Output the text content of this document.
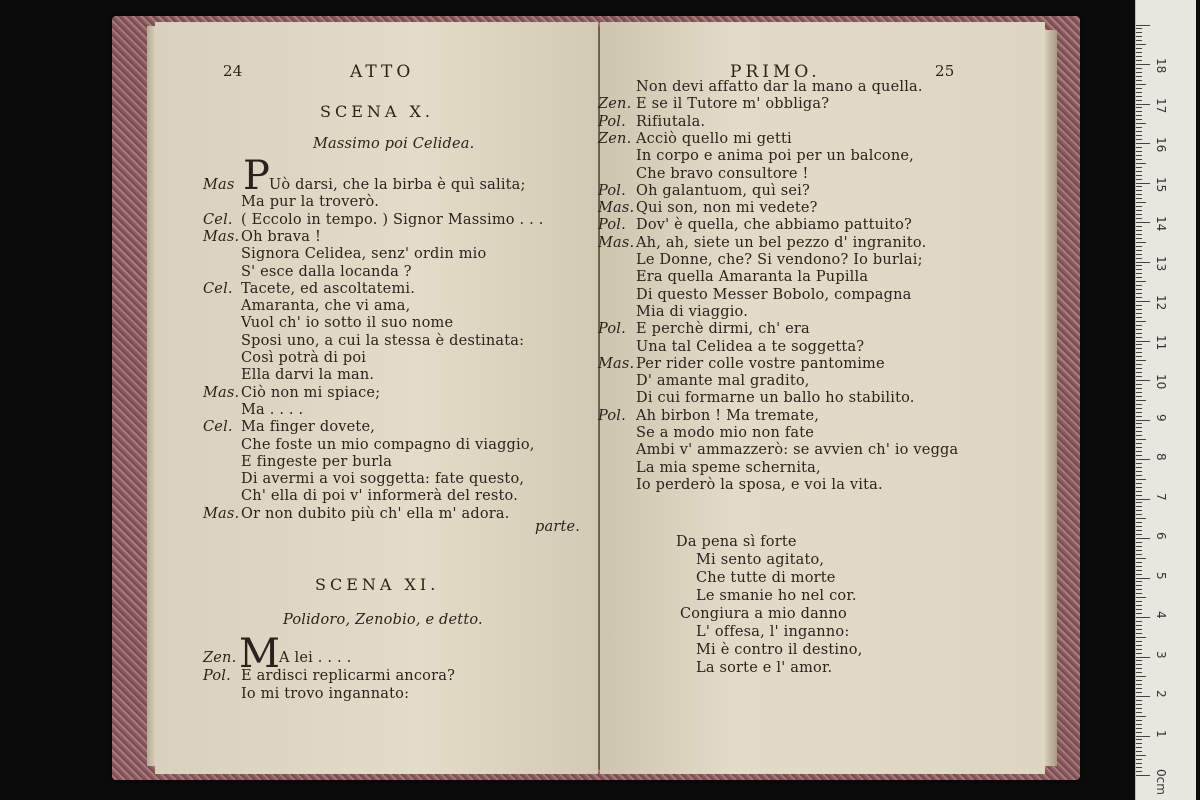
24	ATTO
SCENA X.
Massimo poi Celidea.
P
Mas Uò darsi, che la birba è quì salita;
Ma pur la troverò.
Cel. ( Eccolo in tempo. ) Signor Massimo . . .
Mas. Oh brava !
Signora Celidea, senz' ordin mio
S' esce dalla locanda ?
Cel. Tacete, ed ascoltatemi.
Amaranta, che vi ama,
Vuol ch' io sotto il suo nome
Sposi uno, a cui la stessa è destinata:
Così potrà di poi
Ella darvi la man.
Mas. Ciò non mi spiace;
Ma . . . .
Cel. Ma finger dovete,
Che foste un mio compagno di viaggio,
E fingeste per burla
Di avermi a voi soggetta: fate questo,
Ch' ella di poi v' informerà del resto.
Mas. Or non dubito più ch' ella m' adora.
parte.
SCENA XI.
Polidoro, Zenobio, e detto.
M
Zen.	A lei . . . .
Pol. E ardisci replicarmi ancora?
Io mi trovo ingannato:
PRIMO.	25
Non devi affatto dar la mano a quella.
Zen. E se il Tutore m' obbliga?
Pol. Rifiutala.
Zen. Acciò quello mi getti
In corpo e anima poi per un balcone,
Che bravo consultore !
Pol. Oh galantuom, quì sei?
Mas. Qui son, non mi vedete?
Pol. Dov' è quella, che abbiamo pattuito?
Mas. Ah, ah, siete un bel pezzo d' ingranito.
Le Donne, che? Si vendono? Io burlai;
Era quella Amaranta la Pupilla
Di questo Messer Bobolo, compagna
Mia di viaggio.
Pol. E perchè dirmi, ch' era
Una tal Celidea a te soggetta?
Mas. Per rider colle vostre pantomime
D' amante mal gradito,
Di cui formarne un ballo ho stabilito.
Pol. Ah birbon ! Ma tremate,
Se a modo mio non fate
Ambi v' ammazzerò: se avvien ch' io vegga
La mia speme schernita,
Io perderò la sposa, e voi la vita.
Da pena sì forte
Mi sento agitato,
Che tutte di morte
Le smanie ho nel cor.
Congiura a mio danno
L' offesa, l' inganno:
Mi è contro il destino,
La sorte e l' amor.
0cm
1
2
3
4
5
6
7
8
9
10
11
12
13
14
15
16
17
18
